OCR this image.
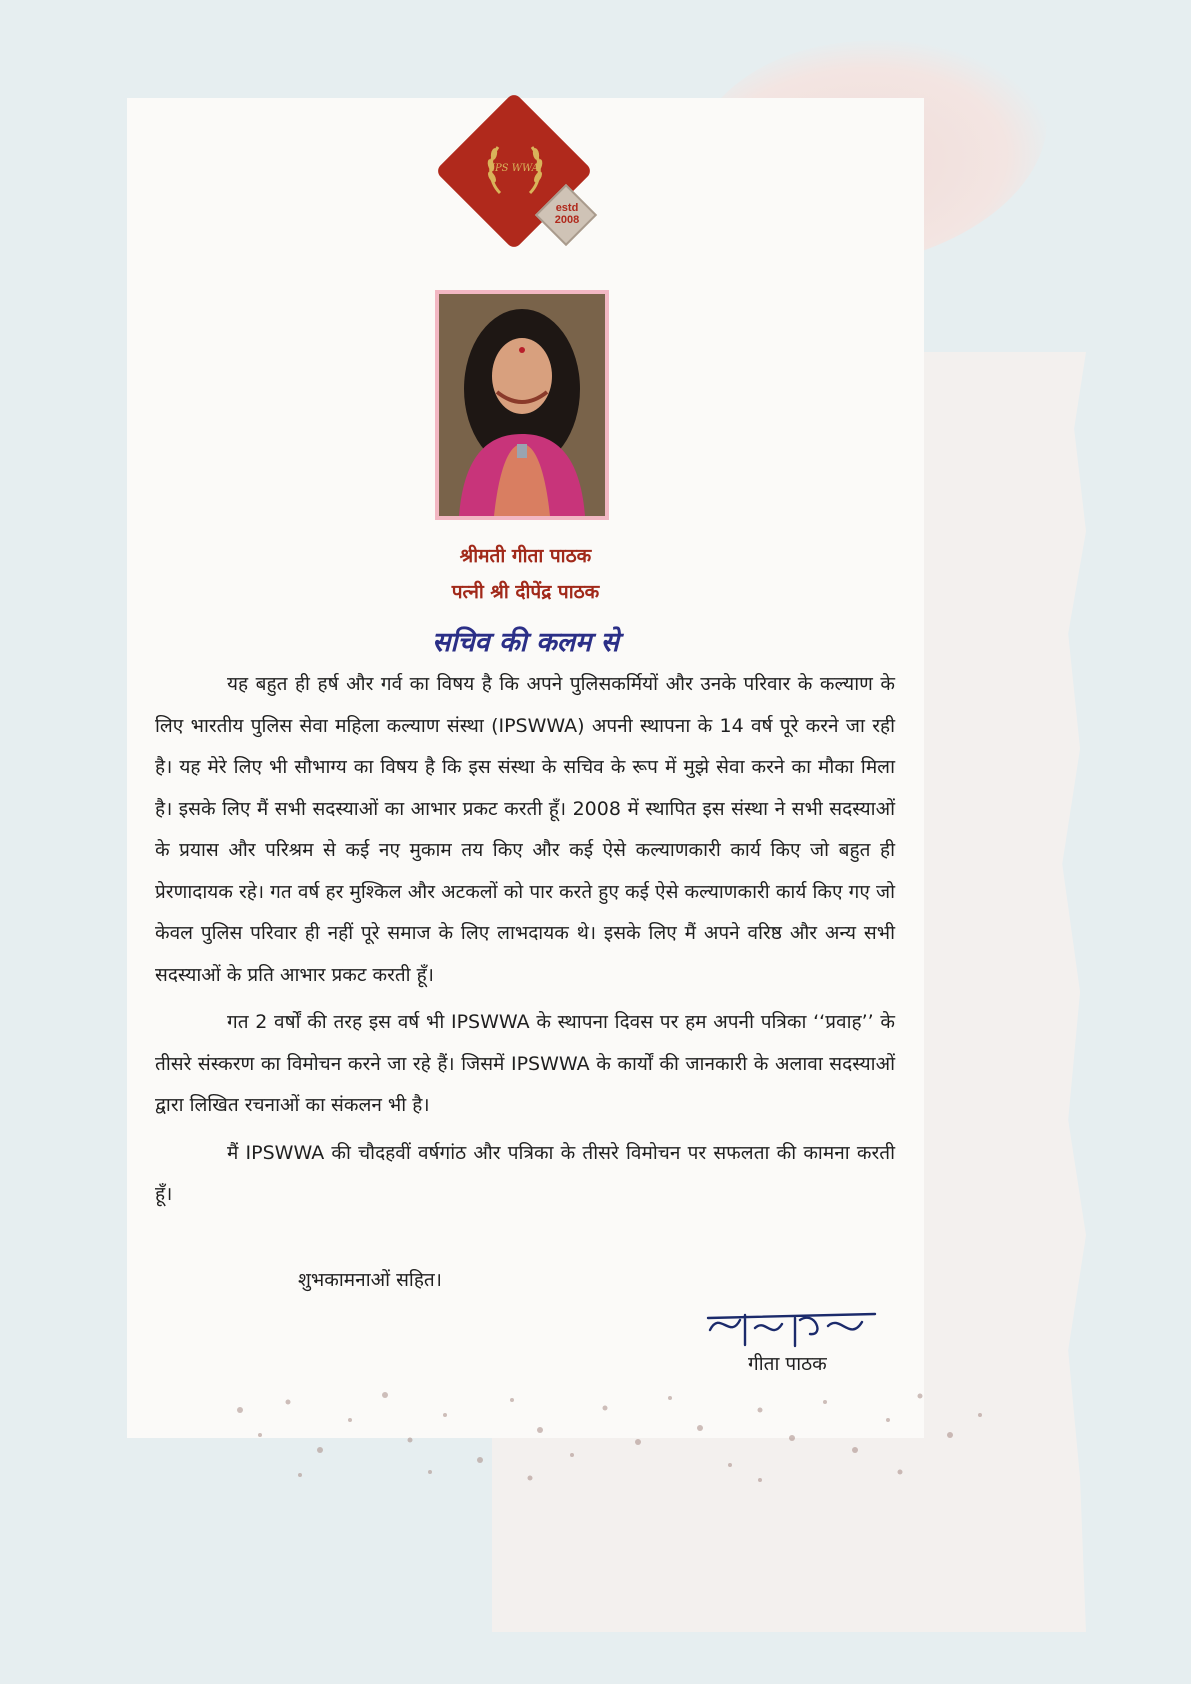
IPS WWA
estd
2008
श्रीमती गीता पाठक
पत्नी श्री दीपेंद्र पाठक
सचिव की कलम से

यह बहुत ही हर्ष और गर्व का विषय है कि अपने पुलिसकर्मियों और उनके परिवार के कल्याण के लिए भारतीय पुलिस सेवा महिला कल्याण संस्था (IPSWWA) अपनी स्थापना के 14 वर्ष पूरे करने जा रही है। यह मेरे लिए भी सौभाग्य का विषय है कि इस संस्था के सचिव के रूप में मुझे सेवा करने का मौका मिला है। इसके लिए मैं सभी सदस्याओं का आभार प्रकट करती हूँ। 2008 में स्थापित इस संस्था ने सभी सदस्याओं के प्रयास और परिश्रम से कई नए मुकाम तय किए और कई ऐसे कल्याणकारी कार्य किए जो बहुत ही प्रेरणादायक रहे। गत वर्ष हर मुश्किल और अटकलों को पार करते हुए कई ऐसे कल्याणकारी कार्य किए गए जो केवल पुलिस परिवार ही नहीं पूरे समाज के लिए लाभदायक थे। इसके लिए मैं अपने वरिष्ठ और अन्य सभी सदस्याओं के प्रति आभार प्रकट करती हूँ।

गत 2 वर्षों की तरह इस वर्ष भी IPSWWA के स्थापना दिवस पर हम अपनी पत्रिका ‘‘प्रवाह’’ के तीसरे संस्करण का विमोचन करने जा रहे हैं। जिसमें IPSWWA के कार्यों की जानकारी के अलावा सदस्याओं द्वारा लिखित रचनाओं का संकलन भी है।

मैं IPSWWA की चौदहवीं वर्षगांठ और पत्रिका के तीसरे विमोचन पर सफलता की कामना करती हूँ।

शुभकामनाओं सहित।
गीता पाठक
